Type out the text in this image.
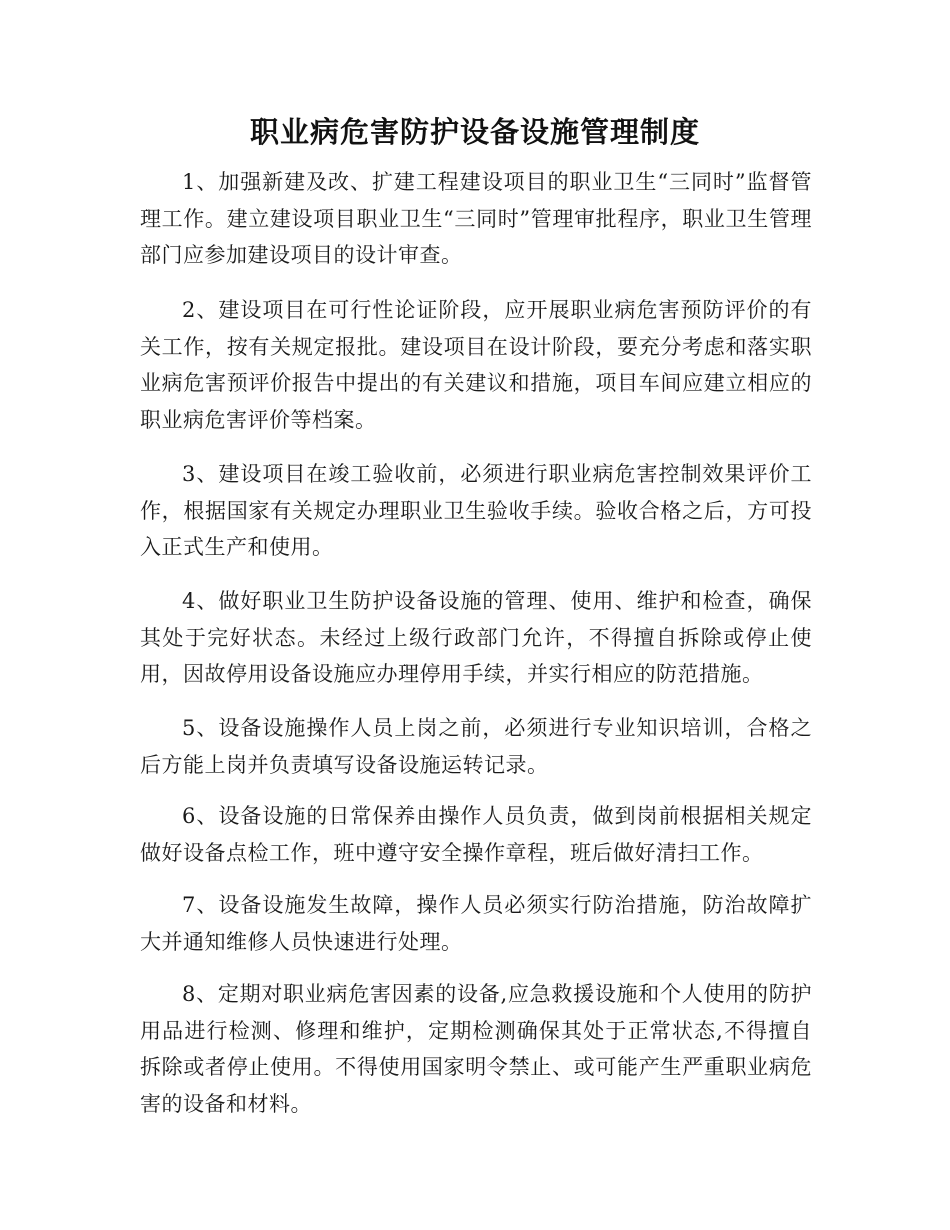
职业病危害防护设备设施管理制度

1、加强新建及改、扩建工程建设项目的职业卫生“三同时”监督管理工作。建立建设项目职业卫生“三同时”管理审批程序，职业卫生管理部门应参加建设项目的设计审查。

2、建设项目在可行性论证阶段，应开展职业病危害预防评价的有关工作，按有关规定报批。建设项目在设计阶段，要充分考虑和落实职业病危害预评价报告中提出的有关建议和措施，项目车间应建立相应的职业病危害评价等档案。

3、建设项目在竣工验收前，必须进行职业病危害控制效果评价工作，根据国家有关规定办理职业卫生验收手续。验收合格之后，方可投入正式生产和使用。

4、做好职业卫生防护设备设施的管理、使用、维护和检查，确保其处于完好状态。未经过上级行政部门允许，不得擅自拆除或停止使用，因故停用设备设施应办理停用手续，并实行相应的防范措施。

5、设备设施操作人员上岗之前，必须进行专业知识培训，合格之后方能上岗并负责填写设备设施运转记录。

6、设备设施的日常保养由操作人员负责，做到岗前根据相关规定做好设备点检工作，班中遵守安全操作章程，班后做好清扫工作。

7、设备设施发生故障，操作人员必须实行防治措施，防治故障扩大并通知维修人员快速进行处理。

8、定期对职业病危害因素的设备,应急救援设施和个人使用的防护用品进行检测、修理和维护，定期检测确保其处于正常状态,不得擅自拆除或者停止使用。不得使用国家明令禁止、或可能产生严重职业病危害的设备和材料。
